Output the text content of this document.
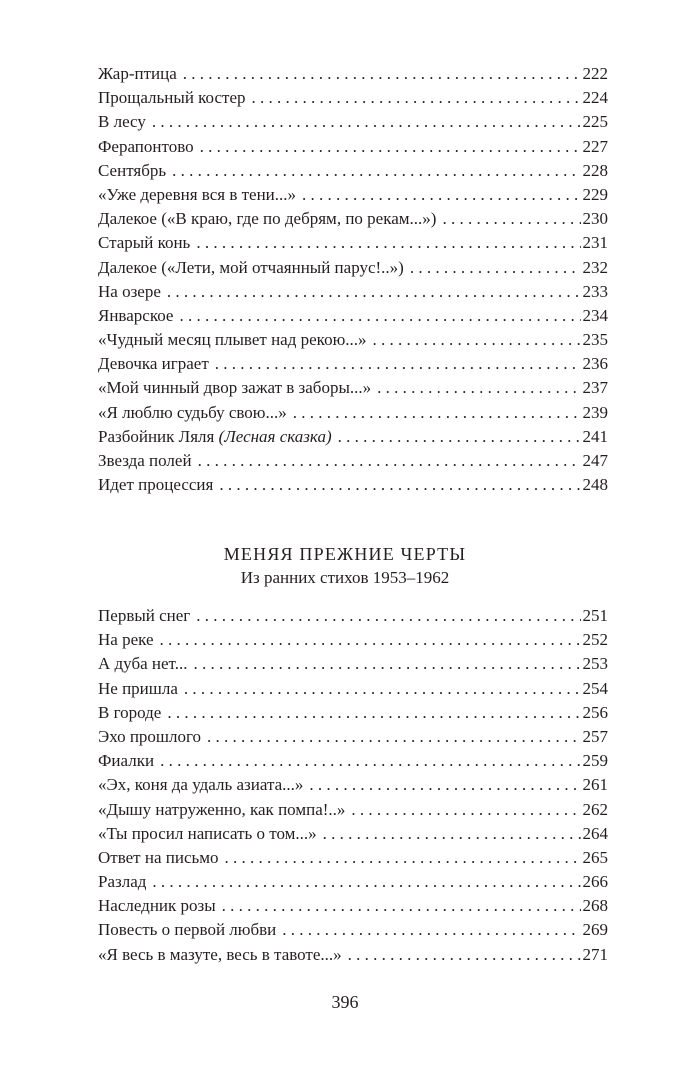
Жар-птица . . .	222
Прощальный костер . . .	224
В лесу . . .	225
Ферапонтово . . .	227
Сентябрь . . .	228
«Уже деревня вся в тени...» . . .	229
Далекое («В краю, где по дебрям, по рекам...») . . .	230
Старый конь . . .	231
Далекое («Лети, мой отчаянный парус!..») . . .	232
На озере . . .	233
Январское . . .	234
«Чудный месяц плывет над рекою...» . . .	235
Девочка играет . . .	236
«Мой чинный двор зажат в заборы...» . . .	237
«Я люблю судьбу свою...» . . .	239
Разбойник Ляля (Лесная сказка) . . .	241
Звезда полей . . .	247
Идет процессия . . .	248
МЕНЯЯ ПРЕЖНИЕ ЧЕРТЫ
Из ранних стихов 1953–1962
Первый снег . . .	251
На реке . . .	252
А дуба нет... . . .	253
Не пришла . . .	254
В городе . . .	256
Эхо прошлого . . .	257
Фиалки . . .	259
«Эх, коня да удаль азиата...» . . .	261
«Дышу натруженно, как помпа!..» . . .	262
«Ты просил написать о том...» . . .	264
Ответ на письмо . . .	265
Разлад . . .	266
Наследник розы . . .	268
Повесть о первой любви . . .	269
«Я весь в мазуте, весь в тавоте...» . . .	271
396
